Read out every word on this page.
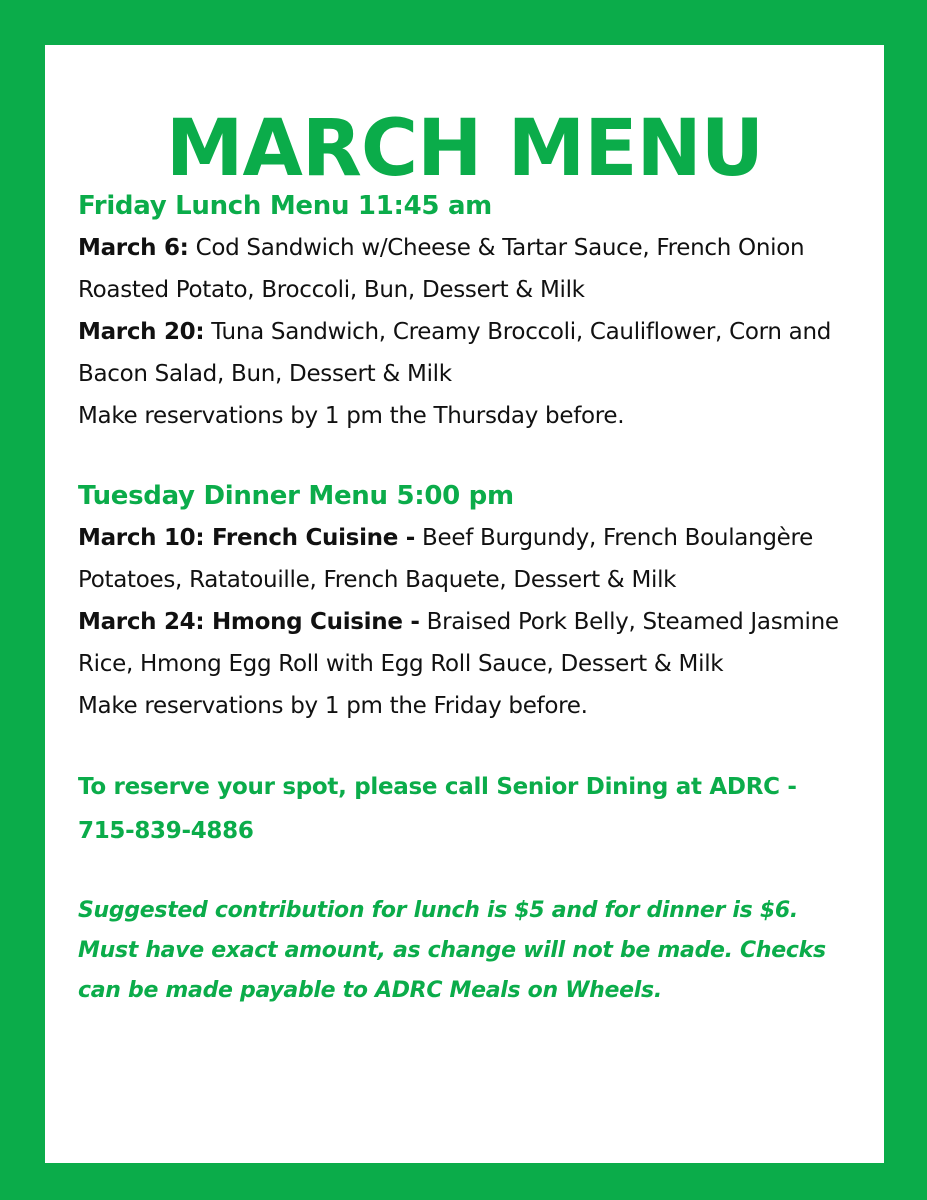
MARCH MENU

Friday Lunch Menu 11:45 am

March 6: Cod Sandwich w/Cheese & Tartar Sauce, French Onion Roasted Potato, Broccoli, Bun, Dessert & Milk

March 20: Tuna Sandwich, Creamy Broccoli, Cauliflower, Corn and Bacon Salad, Bun, Dessert & Milk

Make reservations by 1 pm the Thursday before.

Tuesday Dinner Menu 5:00 pm

March 10: French Cuisine - Beef Burgundy, French Boulangère Potatoes, Ratatouille, French Baquete, Dessert & Milk

March 24: Hmong Cuisine - Braised Pork Belly, Steamed Jasmine Rice, Hmong Egg Roll with Egg Roll Sauce, Dessert & Milk

Make reservations by 1 pm the Friday before.

To reserve your spot, please call Senior Dining at ADRC - 715-839-4886

Suggested contribution for lunch is $5 and for dinner is $6. Must have exact amount, as change will not be made. Checks can be made payable to ADRC Meals on Wheels.
